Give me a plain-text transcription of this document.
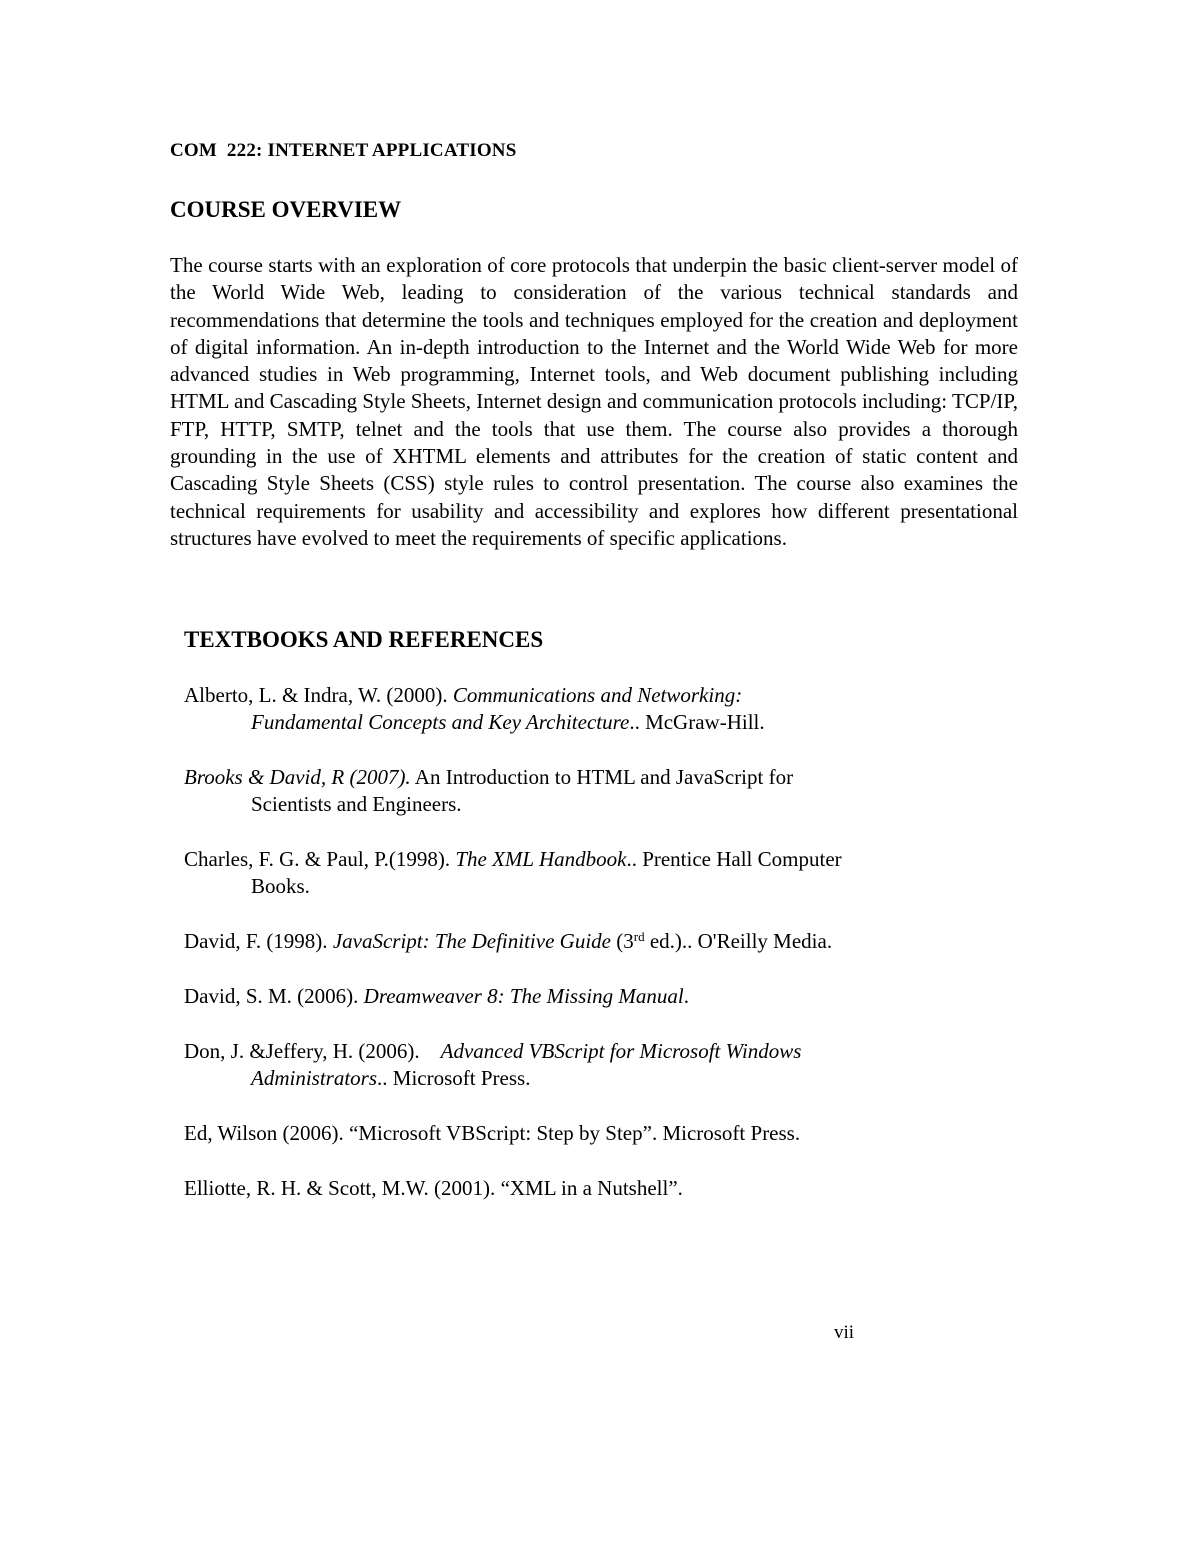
COM  222: INTERNET APPLICATIONS
COURSE OVERVIEW
The course starts with an exploration of core protocols that underpin the basic client-server model of the World Wide Web, leading to consideration of the various technical standards and recommendations that determine the tools and techniques employed for the creation and deployment of digital information. An in-depth introduction to the Internet and the World Wide Web for more advanced studies in Web programming, Internet tools, and Web document publishing including HTML and Cascading Style Sheets, Internet design and communication protocols including: TCP/IP, FTP, HTTP, SMTP, telnet and the tools that use them. The course also provides a thorough grounding in the use of XHTML elements and attributes for the creation of static content and Cascading Style Sheets (CSS) style rules to control presentation. The course also examines the technical requirements for usability and accessibility and explores how different presentational structures have evolved to meet the requirements of specific applications.
TEXTBOOKS AND REFERENCES
Alberto, L. & Indra, W. (2000). Communications and Networking: Fundamental Concepts and Key Architecture.. McGraw-Hill.
Brooks & David, R (2007). An Introduction to HTML and JavaScript for Scientists and Engineers.
Charles, F. G. & Paul, P.(1998). The XML Handbook.. Prentice Hall Computer Books.
David, F. (1998). JavaScript: The Definitive Guide (3rd ed.).. O'Reilly Media.
David, S. M. (2006). Dreamweaver 8: The Missing Manual.
Don, J. &Jeffery, H. (2006).    Advanced VBScript for Microsoft Windows Administrators.. Microsoft Press.
Ed, Wilson (2006). “Microsoft VBScript: Step by Step”. Microsoft Press.
Elliotte, R. H. & Scott, M.W. (2001). “XML in a Nutshell”.
vii
